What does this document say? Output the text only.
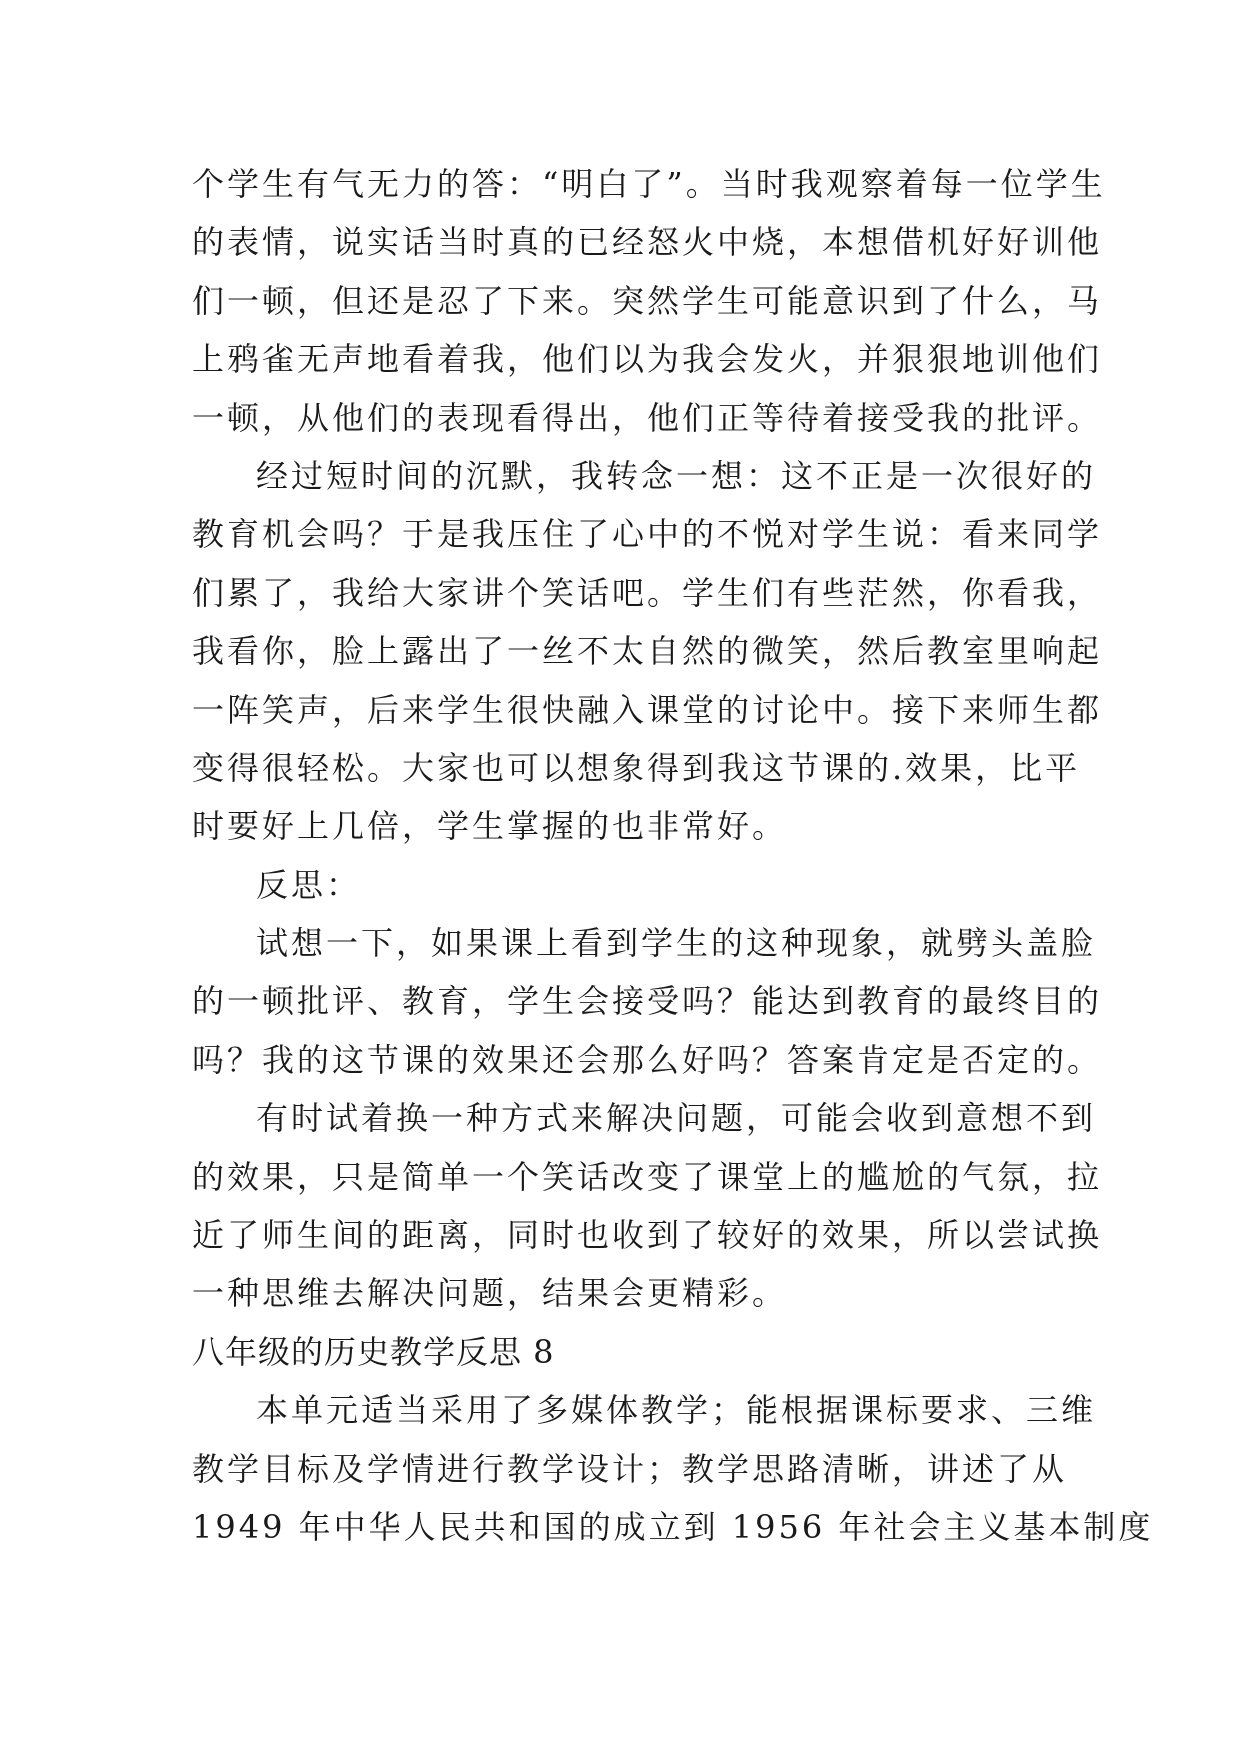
个学生有气无力的答：“明白了”。当时我观察着每一位学生
的表情，说实话当时真的已经怒火中烧，本想借机好好训他
们一顿，但还是忍了下来。突然学生可能意识到了什么，马
上鸦雀无声地看着我，他们以为我会发火，并狠狠地训他们
一顿，从他们的表现看得出，他们正等待着接受我的批评。
经过短时间的沉默，我转念一想：这不正是一次很好的
教育机会吗？于是我压住了心中的不悦对学生说：看来同学
们累了，我给大家讲个笑话吧。学生们有些茫然，你看我，
我看你，脸上露出了一丝不太自然的微笑，然后教室里响起
一阵笑声，后来学生很快融入课堂的讨论中。接下来师生都
变得很轻松。大家也可以想象得到我这节课的.效果，比平
时要好上几倍，学生掌握的也非常好。
反思：
试想一下，如果课上看到学生的这种现象，就劈头盖脸
的一顿批评、教育，学生会接受吗？能达到教育的最终目的
吗？我的这节课的效果还会那么好吗？答案肯定是否定的。
有时试着换一种方式来解决问题，可能会收到意想不到
的效果，只是简单一个笑话改变了课堂上的尴尬的气氛，拉
近了师生间的距离，同时也收到了较好的效果，所以尝试换
一种思维去解决问题，结果会更精彩。
八年级的历史教学反思 8
本单元适当采用了多媒体教学；能根据课标要求、三维
教学目标及学情进行教学设计；教学思路清晰，讲述了从
1949 年中华人民共和国的成立到 1956 年社会主义基本制度
